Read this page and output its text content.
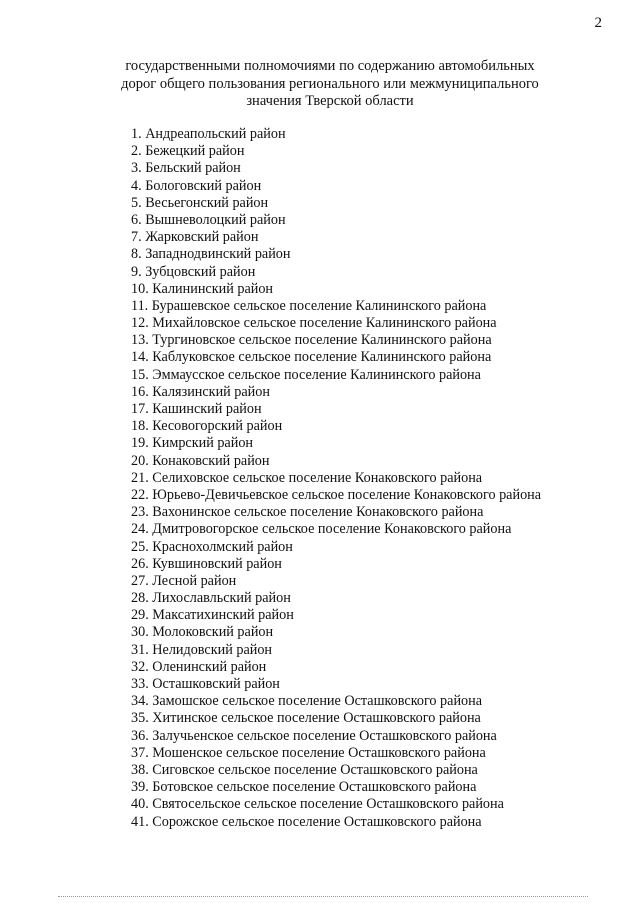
2
государственными полномочиями по содержанию автомобильных
дорог общего пользования регионального или межмуниципального
значения Тверской области
1. Андреапольский район
2. Бежецкий район
3. Бельский район
4. Бологовский район
5. Весьегонский район
6. Вышневолоцкий район
7. Жарковский район
8. Западнодвинский район
9. Зубцовский район
10. Калининский район
11. Бурашевское сельское поселение Калининского района
12. Михайловское сельское поселение Калининского района
13. Тургиновское сельское поселение Калининского района
14. Каблуковское сельское поселение Калининского района
15. Эммаусское сельское поселение Калининского района
16. Калязинский район
17. Кашинский район
18. Кесовогорский район
19. Кимрский район
20. Конаковский район
21. Селиховское сельское поселение Конаковского района
22. Юрьево-Девичьевское сельское поселение Конаковского района
23. Вахонинское сельское поселение Конаковского района
24. Дмитровогорское сельское поселение Конаковского района
25. Краснохолмский район
26. Кувшиновский район
27. Лесной район
28. Лихославльский район
29. Максатихинский район
30. Молоковский район
31. Нелидовский район
32. Оленинский район
33. Осташковский район
34. Замошское сельское поселение Осташковского района
35. Хитинское сельское поселение Осташковского района
36. Залучьенское сельское поселение Осташковского района
37. Мошенское сельское поселение Осташковского района
38. Сиговское сельское поселение Осташковского района
39. Ботовское сельское поселение Осташковского района
40. Святосельское сельское поселение Осташковского района
41. Сорожское сельское поселение Осташковского района
